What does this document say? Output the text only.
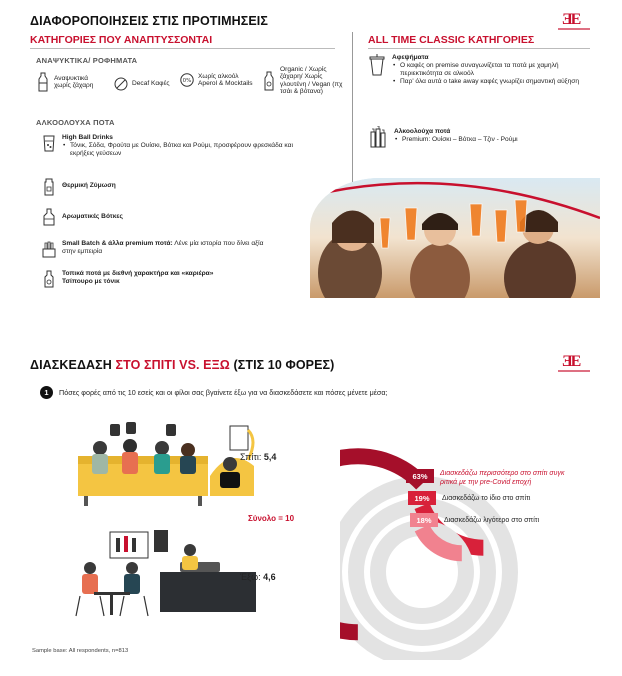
ΔΙΑΦΟΡΟΠΟΙΗΣΕΙΣ ΣΤΙΣ ΠΡΟΤΙΜΗΣΕΙΣ	ƎE
ΚΑΤΗΓΟΡΙΕΣ ΠΟΥ ΑΝΑΠΤΥΣΣΟΝΤΑΙ	ALL TIME CLASSIC ΚΑΤΗΓΟΡΙΕΣ
ΑΝΑΨΥΚΤΙΚΑ/ ΡΟΦΗΜΑΤΑ
Αναψυκτικά χωρίς ζάχαρη	Decaf Καφές 0%
Χωρίς αλκοόλ Aperol & Mocktails
Organic / Χωρίς ζάχαρη/ Χωρίς γλουτένη / Vegan (πχ τσάι & βότανα)
ΑΛΚΟΟΛΟΥΧΑ ΠΟΤΑ
High Ball Drinks
• Τόνικ, Σόδα, Φρούτα με Ουίσκι, Βότκα και Ρούμι, προσφέρουν φρεσκάδα και εκρήξεις γεύσεων
Θερμική Ζύμωση
Αρωματικές Βότκες
Small Batch & άλλα premium ποτά: Λένε μία ιστορία που δίνει αξία στην εμπειρία
Τοπικά ποτά με διεθνή χαρακτήρα και «καριέρα»
Τσίπουρο με τόνικ
Αφεψήματα
• Ο καφές on premise συναγωνίζεται τα ποτά με χαμηλή περιεκτικότητα σε αλκοόλ
• Παρ' όλα αυτά ο take away καφές γνωρίζει σημαντική αύξηση
Αλκοολούχα ποτά
• Premium: Ουίσκι – Βότκα – Τζιν - Ρούμι
ΔΙΑΣΚΕΔΑΣΗ ΣΤΟ ΣΠΙΤΙ VS. ΕΞΩ (ΣΤΙΣ 10 ΦΟΡΕΣ)	ƎE
1	Πόσες φορές από τις 10 εσείς και οι φίλοι σας βγαίνετε έξω για να διασκεδάσετε και πόσες μένετε μέσα;
Σπίτι: 5,4
Σύνολο = 10
Έξω: 4,6
63% Διασκεδάζω περισσότερο στο σπίτι συγκ
ριτικά με την pre-Covid εποχή
19% Διασκεδάζω το ίδιο στο σπίτι
18% Διασκεδάζω λιγότερο στο σπίτι
Sample base: All respondents, n=813
